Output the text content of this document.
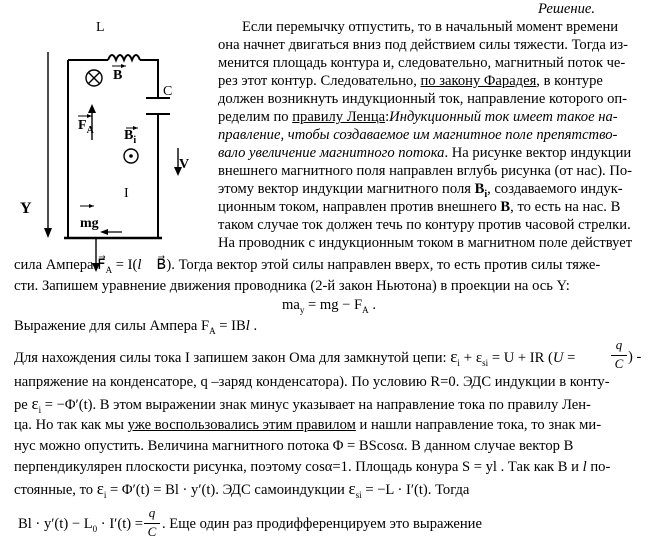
L
B
C
$F_A$ $B_i$
V
I
Y
mg
Решение.
Если перемычку отпустить, то в начальный момент времени
она начнет двигаться вниз под действием силы тяжести. Тогда из-
менится площадь контура и, следовательно, магнитный поток че-
рез этот контур. Следовательно, по закону Фарадея, в контуре
должен возникнуть индукционный ток, направление которого оп-
ределим по правилу Ленца:Индукционный ток имеет такое на-
правление, чтобы создаваемое им магнитное поле препятство-
вало увеличение магнитного потока. На рисунке вектор индукции
внешнего магнитного поля направлен вглубь рисунка (от нас). По-
этому вектор индукции магнитного поля $B_i$, создаваемого индук-
ционным током, направлен против внешнего B, то есть на нас. В
таком случае ток должен течь по контуру против часовой стрелки.
На проводник с индукционным током в магнитном поле действует
сила Ампера $F⃗_A$ = I(l⃗ B⃗). Тогда вектор этой силы направлен вверх, то есть против силы тяже-
сти. Запишем уравнение движения проводника (2-й закон Ньютона) в проекции на ось Y:
$ma_y$ = mg − $F_A$ .
Выражение для силы Ампера $F_A$ = IBl .
Для нахождения силы тока I запишем закон Ома для замкнутой цепи: $\varepsilon_i + \varepsilon_{si} = U$ + IR (U =
q
C ) -
напряжение на конденсаторе, q –заряд конденсатора). По условию R=0. ЭДС индукции в конту-
ре $\varepsilon_i = -\Phi'(t)$. В этом выражении знак минус указывает на направление тока по правилу Лен-
ца. Но так как мы уже воспользовались этим правилом и нашли направление тока, то знак ми-
нус можно опустить. Величина магнитного потока Φ = BScosα. В данном случае вектор B
перпендикулярен плоскости рисунка, поэтому cosα=1. Площадь конура S = yl . Так как B и l по-
стоянные, то $\varepsilon_i = \Phi'(t) = Bl \cdot y'(t)$. ЭДС самоиндукции $\varepsilon_{si} = -L \cdot I'(t)$. Тогда
$Bl \cdot y'(t) - L_0 \cdot I'(t)$ =
q
C . Еще один раз продифференцируем это выражение
